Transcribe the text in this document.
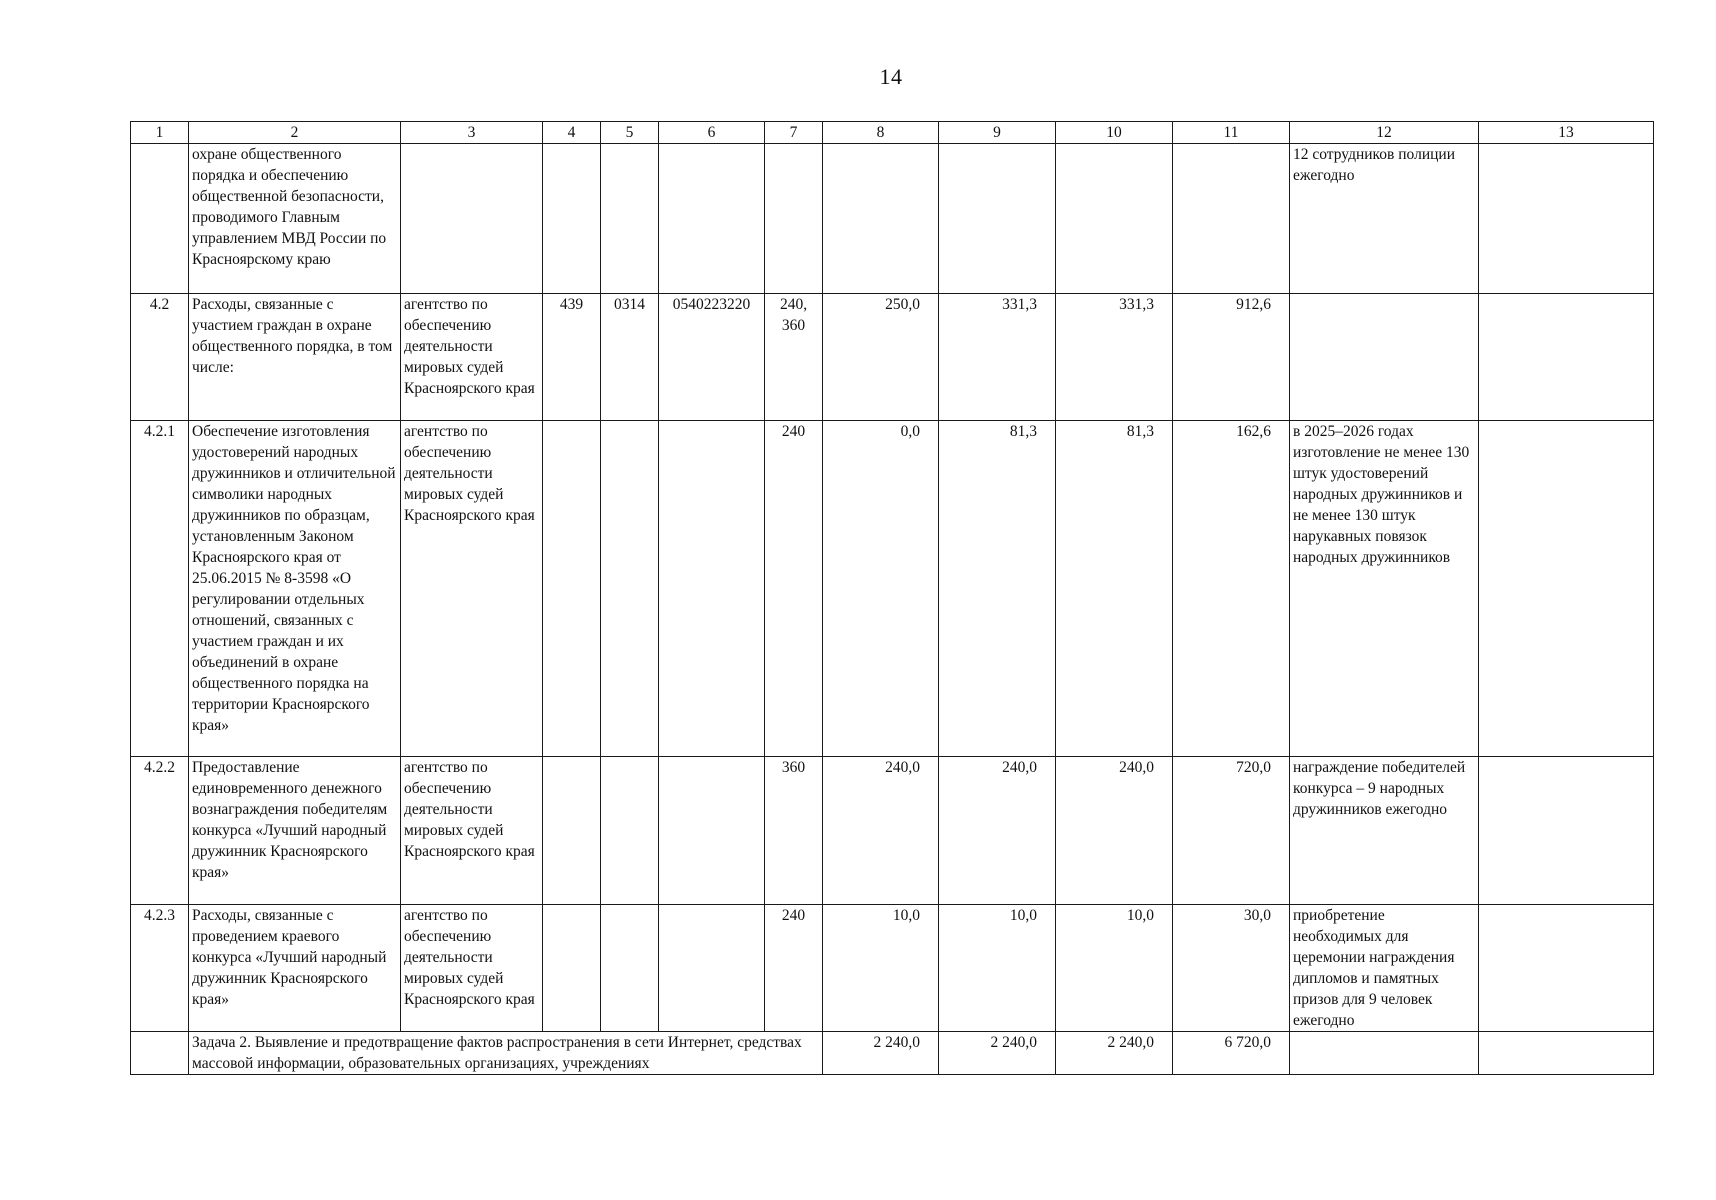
14
1	2	3	4	5	6	7	8	9	10	11	12	13
	охране общественного порядка и обеспечению общественной безопасности, проводимого Главным управлением МВД России по Красноярскому краю										12 сотрудников полиции ежегодно	
4.2	Расходы, связанные с участием граждан в охране общественного порядка, в том числе:	агентство по обеспечению деятельности мировых судей Красноярского края	439	0314	0540223220	240, 360	250,0	331,3	331,3	912,6		
4.2.1	Обеспечение изготовления удостоверений народных дружинников и отличительной символики народных дружинников по образцам, установленным Законом Красноярского края от 25.06.2015 № 8-3598 «О регулировании отдельных отношений, связанных с участием граждан и их объединений в охране общественного порядка на территории Красноярского края»	агентство по обеспечению деятельности мировых судей Красноярского края				240	0,0	81,3	81,3	162,6	в 2025–2026 годах изготовление не менее 130 штук удостоверений народных дружинников и не менее 130 штук нарукавных повязок народных дружинников	
4.2.2	Предоставление единовременного денежного вознаграждения победителям конкурса «Лучший народный дружинник Красноярского края»	агентство по обеспечению деятельности мировых судей Красноярского края				360	240,0	240,0	240,0	720,0	награждение победителей конкурса – 9 народных дружинников ежегодно	
4.2.3	Расходы, связанные с проведением краевого конкурса «Лучший народный дружинник Красноярского края»	агентство по обеспечению деятельности мировых судей Красноярского края				240	10,0	10,0	10,0	30,0	приобретение необходимых для церемонии награждения дипломов и памятных призов для 9 человек ежегодно	
	Задача 2. Выявление и предотвращение фактов распространения в сети Интернет, средствах массовой информации, образовательных организациях, учреждениях						2 240,0	2 240,0	2 240,0	6 720,0		
